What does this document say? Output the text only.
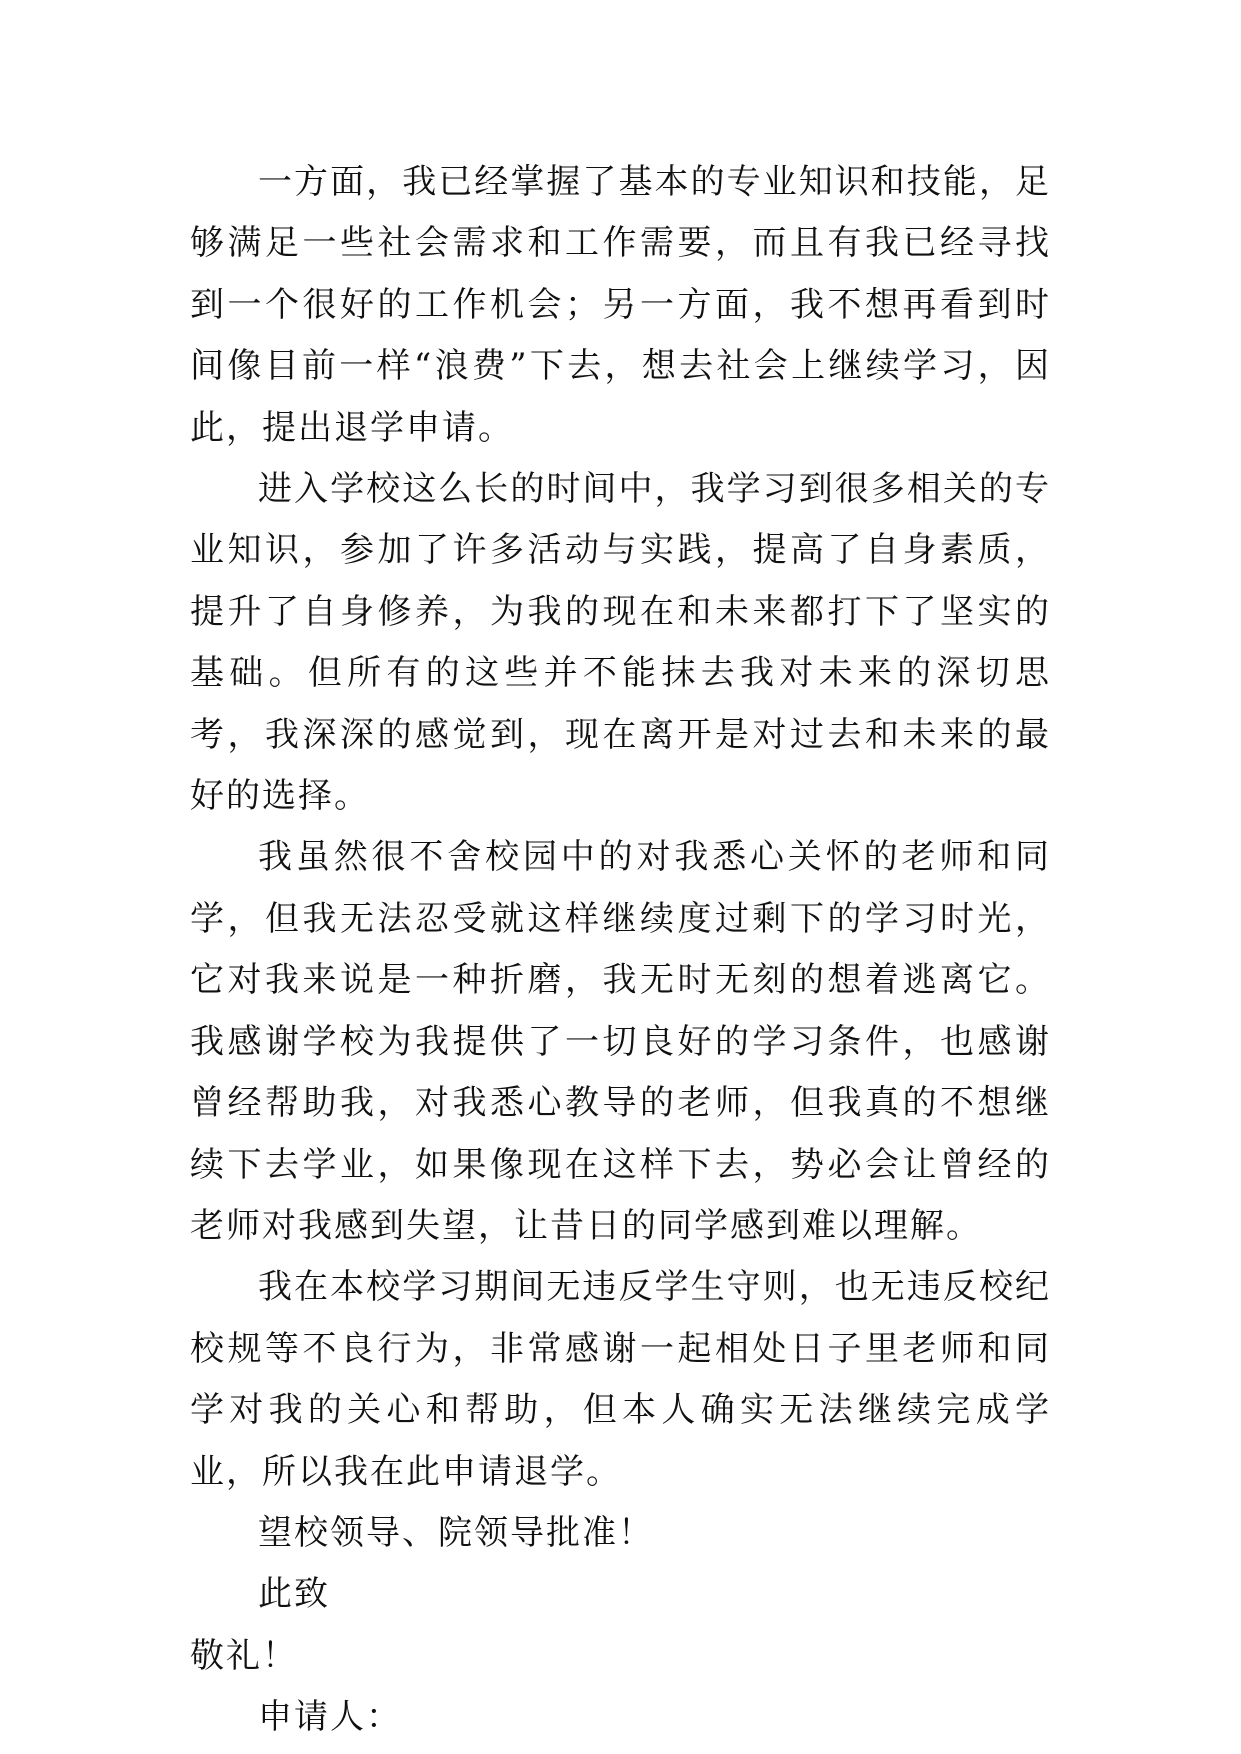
一方面，我已经掌握了基本的专业知识和技能，足够满足一些社会需求和工作需要，而且有我已经寻找到一个很好的工作机会；另一方面，我不想再看到时间像目前一样“浪费”下去，想去社会上继续学习，因此，提出退学申请。

进入学校这么长的时间中，我学习到很多相关的专业知识，参加了许多活动与实践，提高了自身素质，提升了自身修养，为我的现在和未来都打下了坚实的基础。但所有的这些并不能抹去我对未来的深切思考，我深深的感觉到，现在离开是对过去和未来的最好的选择。

我虽然很不舍校园中的对我悉心关怀的老师和同学，但我无法忍受就这样继续度过剩下的学习时光，它对我来说是一种折磨，我无时无刻的想着逃离它。我感谢学校为我提供了一切良好的学习条件，也感谢曾经帮助我，对我悉心教导的老师，但我真的不想继续下去学业，如果像现在这样下去，势必会让曾经的老师对我感到失望，让昔日的同学感到难以理解。

我在本校学习期间无违反学生守则，也无违反校纪校规等不良行为，非常感谢一起相处日子里老师和同学对我的关心和帮助，但本人确实无法继续完成学业，所以我在此申请退学。

望校领导、院领导批准！

此致

敬礼！

申请人：
